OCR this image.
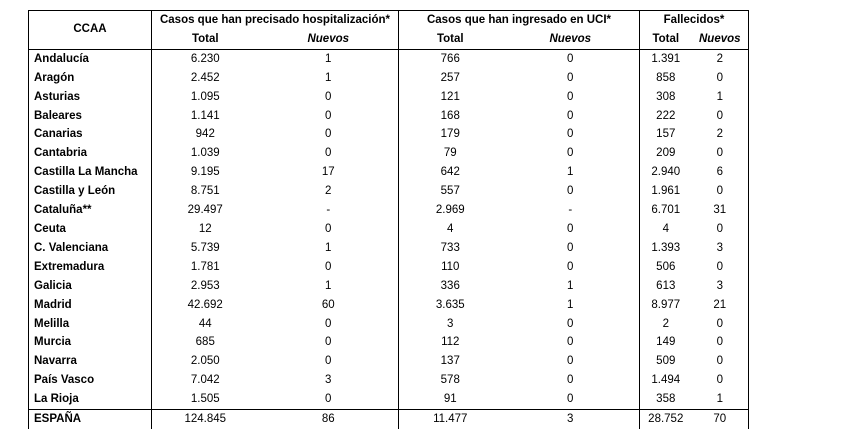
CCAA	Casos que han precisado hospitalización*		Casos que han ingresado en UCI*		Fallecidos*	
	Total	Nuevos	Total	Nuevos	Total	Nuevos
Andalucía	6.230	1	766	0	1.391	2
Aragón	2.452	1	257	0	858	0
Asturias	1.095	0	121	0	308	1
Baleares	1.141	0	168	0	222	0
Canarias	942	0	179	0	157	2
Cantabria	1.039	0	79	0	209	0
Castilla La Mancha	9.195	17	642	1	2.940	6
Castilla y León	8.751	2	557	0	1.961	0
Cataluña**	29.497	-	2.969	-	6.701	31
Ceuta	12	0	4	0	4	0
C. Valenciana	5.739	1	733	0	1.393	3
Extremadura	1.781	0	110	0	506	0
Galicia	2.953	1	336	1	613	3
Madrid	42.692	60	3.635	1	8.977	21
Melilla	44	0	3	0	2	0
Murcia	685	0	112	0	149	0
Navarra	2.050	0	137	0	509	0
País Vasco	7.042	3	578	0	1.494	0
La Rioja	1.505	0	91	0	358	1
ESPAÑA	124.845	86	11.477	3	28.752	70
